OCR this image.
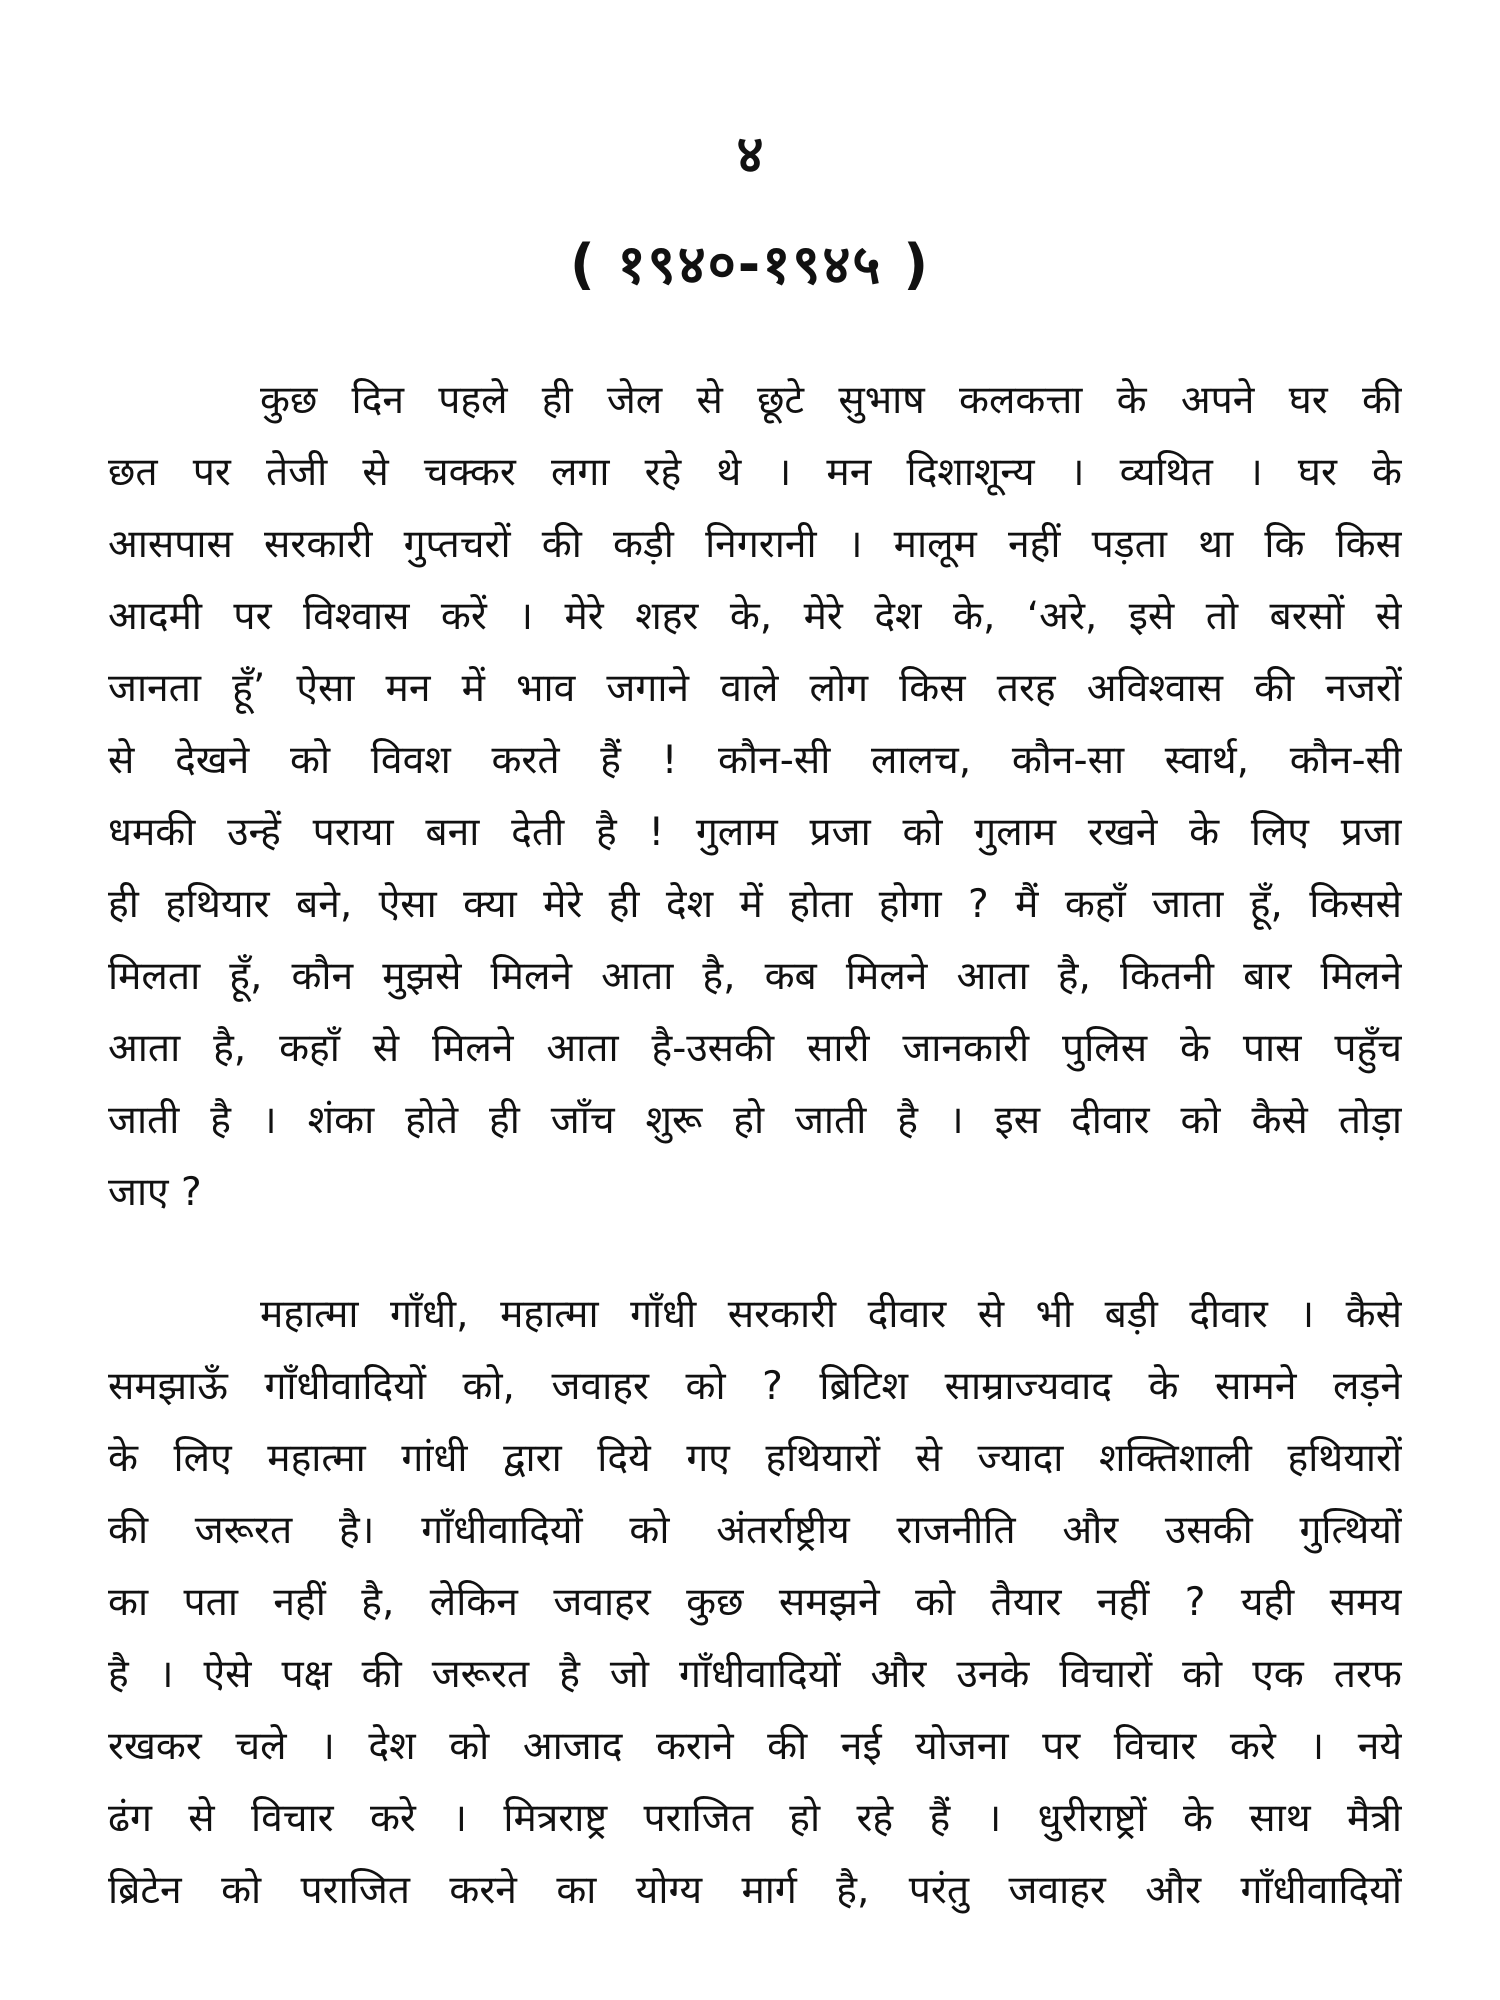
४
( १९४०-१९४५ )
कुछ दिन पहले ही जेल से छूटे सुभाष कलकत्ता के अपने घर की
छत पर तेजी से चक्कर लगा रहे थे । मन दिशाशून्य । व्यथित । घर के
आसपास सरकारी गुप्तचरों की कड़ी निगरानी । मालूम नहीं पड़ता था कि किस
आदमी पर विश्वास करें । मेरे शहर के, मेरे देश के, ‘अरे, इसे तो बरसों से
जानता हूँ’ ऐसा मन में भाव जगाने वाले लोग किस तरह अविश्वास की नजरों
से देखने को विवश करते हैं ! कौन-सी लालच, कौन-सा स्वार्थ, कौन-सी
धमकी उन्हें पराया बना देती है ! गुलाम प्रजा को गुलाम रखने के लिए प्रजा
ही हथियार बने, ऐसा क्या मेरे ही देश में होता होगा ? मैं कहाँ जाता हूँ, किससे
मिलता हूँ, कौन मुझसे मिलने आता है, कब मिलने आता है, कितनी बार मिलने
आता है, कहाँ से मिलने आता है-उसकी सारी जानकारी पुलिस के पास पहुँच
जाती है । शंका होते ही जाँच शुरू हो जाती है । इस दीवार को कैसे तोड़ा
जाए ?
महात्मा गाँधी, महात्मा गाँधी सरकारी दीवार से भी बड़ी दीवार । कैसे
समझाऊँ गाँधीवादियों को, जवाहर को ? ब्रिटिश साम्राज्यवाद के सामने लड़ने
के लिए महात्मा गांधी द्वारा दिये गए हथियारों से ज्यादा शक्तिशाली हथियारों
की जरूरत है। गाँधीवादियों को अंतर्राष्ट्रीय राजनीति और उसकी गुत्थियों
का पता नहीं है, लेकिन जवाहर कुछ समझने को तैयार नहीं ? यही समय
है । ऐसे पक्ष की जरूरत है जो गाँधीवादियों और उनके विचारों को एक तरफ
रखकर चले । देश को आजाद कराने की नई योजना पर विचार करे । नये
ढंग से विचार करे । मित्रराष्ट्र पराजित हो रहे हैं । धुरीराष्ट्रों के साथ मैत्री
ब्रिटेन को पराजित करने का योग्य मार्ग है, परंतु जवाहर और गाँधीवादियों
